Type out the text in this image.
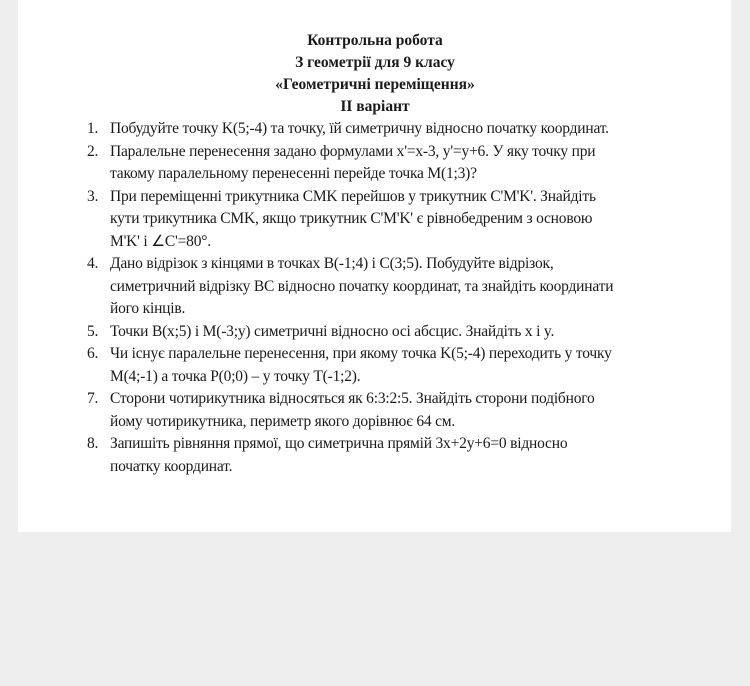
Контрольна робота
З геометрії для 9 класу
«Геометричні переміщення»
ІІ варіант
1. Побудуйте точку K(5;-4) та точку, їй симетричну відносно початку координат.
2. Паралельне перенесення задано формулами x'=x-3, y'=y+6. У яку точку при
такому паралельному перенесенні перейде точка M(1;3)?
3. При переміщенні трикутника CMK перейшов у трикутник C'M'K'. Знайдіть
кути трикутника CMK, якщо трикутник C'M'K' є рівнобедреним з основою
M'K' і ∠C'=80°.
4. Дано відрізок з кінцями в точках B(-1;4) і C(3;5). Побудуйте відрізок,
симетричний відрізку BC відносно початку координат, та знайдіть координати
його кінців.
5. Точки B(x;5) і M(-3;y) симетричні відносно осі абсцис. Знайдіть x і y.
6. Чи існує паралельне перенесення, при якому точка K(5;-4) переходить у точку
M(4;-1) а точка P(0;0) – у точку T(-1;2).
7. Сторони чотирикутника відносяться як 6:3:2:5. Знайдіть сторони подібного
йому чотирикутника, периметр якого дорівнює 64 см.
8. Запишіть рівняння прямої, що симетрична прямій 3x+2y+6=0 відносно
початку координат.
